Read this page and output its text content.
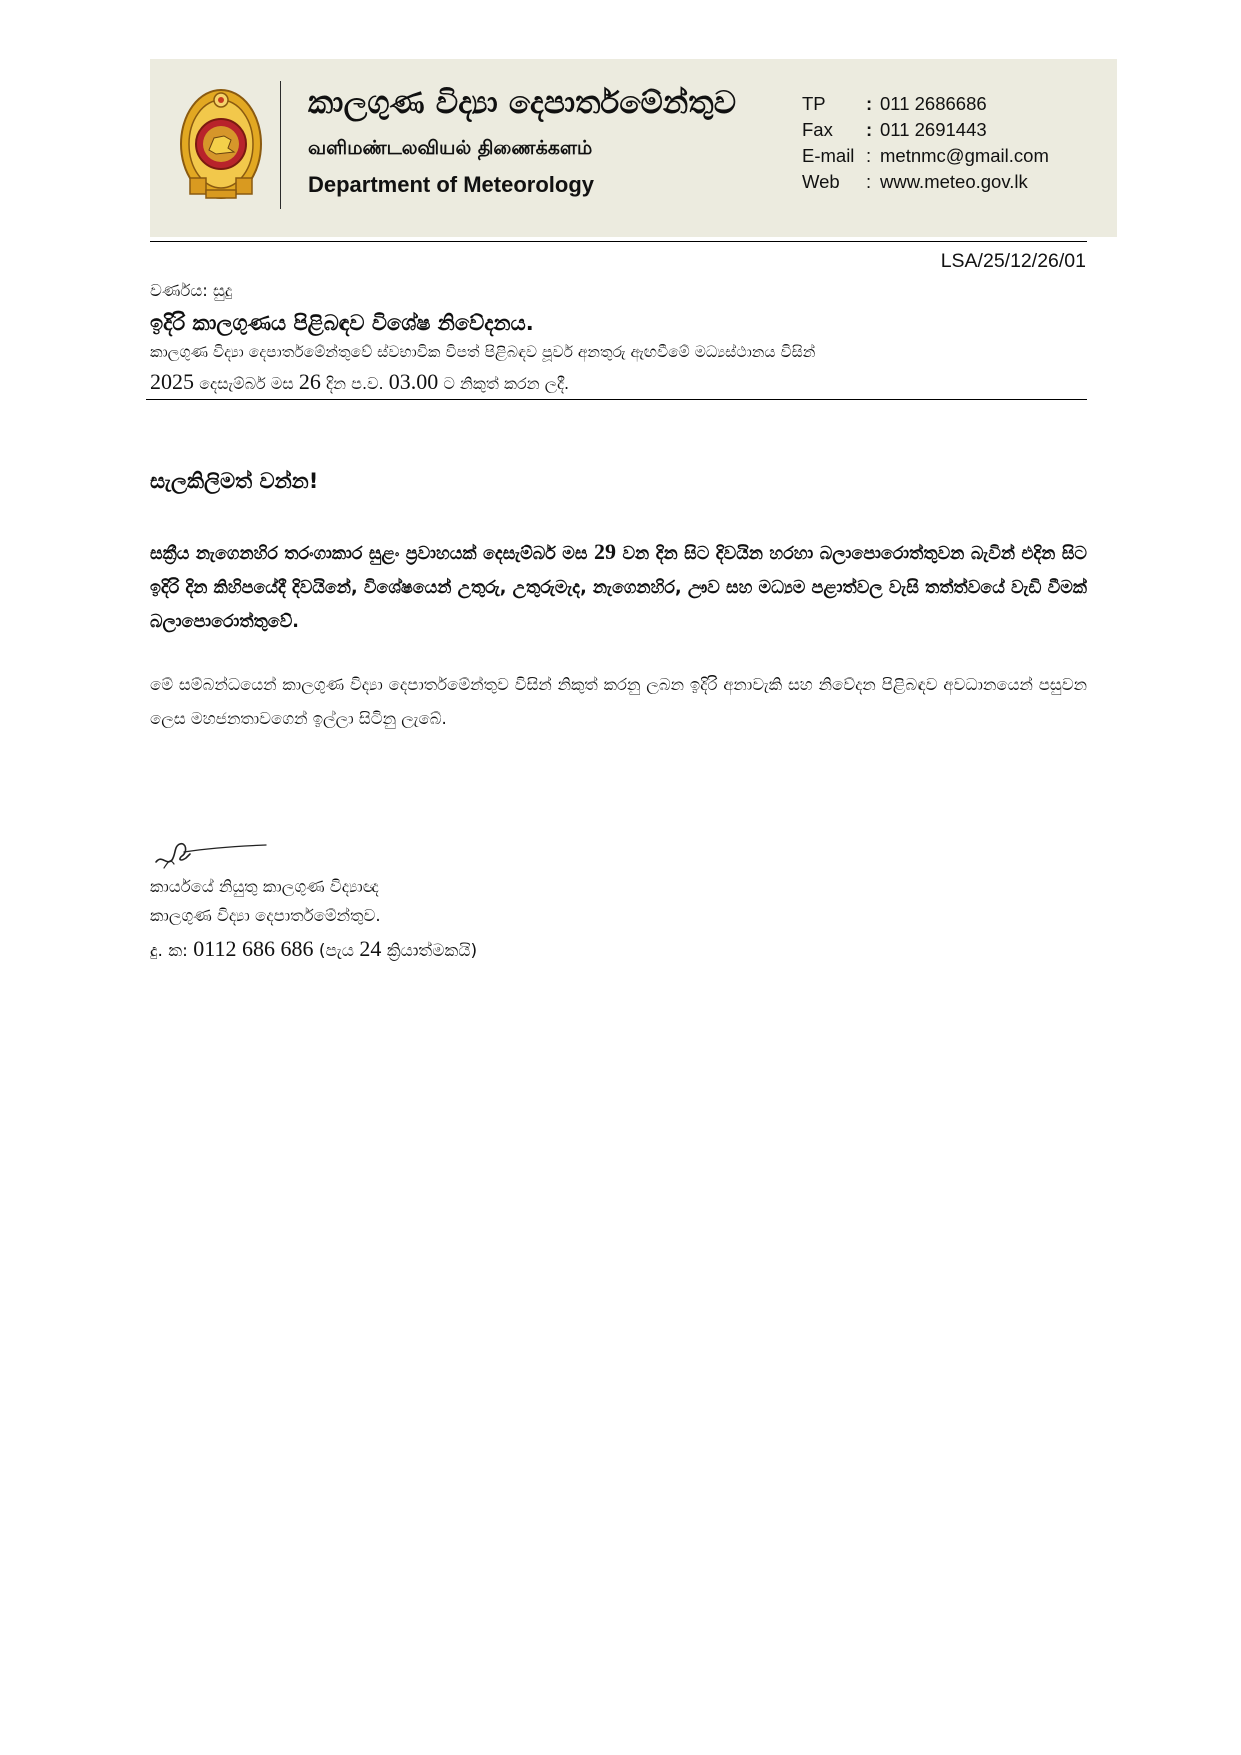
කාලගුණ විද්‍යා දෙපාර්තමේන්තුව
வளிமண்டலவியல் திணைக்களம்
Department of Meteorology
TP	: 011 2686686
Fax	: 011 2691443
E-mail : metnmc@gmail.com
Web	: www.meteo.gov.lk
LSA/25/12/26/01
වර්ණය: සුදු
ඉදිරි කාලගුණය පිළිබඳව විශේෂ නිවේදනය.
කාලගුණ විද්‍යා දෙපාර්තමේන්තුවේ ස්වභාවික විපත් පිළිබඳව පූර්ව අනතුරු ඇඟවීමේ මධ්‍යස්ථානය විසින්
2025 දෙසැම්බර් මස 26 දින ප.ව. 03.00 ට නිකුත් කරන ලදී.
සැලකිලිමත් වන්න!
සක්‍රීය නැගෙනහිර තරංගාකාර සුළං ප්‍රවාහයක් දෙසැම්බර් මස 29 වන දින සිට දිවයින හරහා බලාපොරොත්තුවන බැවින් එදින සිට ඉදිරි දින කිහිපයේදී දිවයිනේ, විශේෂයෙන් උතුරු, උතුරුමැද, නැගෙනහිර, ඌව සහ මධ්‍යම පළාත්වල වැසි තත්ත්වයේ වැඩි වීමක් බලාපොරොත්තුවේ.
මේ සම්බන්ධයෙන් කාලගුණ විද්‍යා දෙපාර්තමේන්තුව විසින් නිකුත් කරනු ලබන ඉදිරි අනාවැකි සහ නිවේදන පිළිබඳව අවධානයෙන් පසුවන ලෙස මහජනතාවගෙන් ඉල්ලා සිටිනු ලැබේ.
කාර්යයේ නියුතු කාලගුණ විද්‍යාඥ
කාලගුණ විද්‍යා දෙපාර්තමේන්තුව.
දු. ක: 0112 686 686 (පැය 24 ක්‍රියාත්මකයි)
